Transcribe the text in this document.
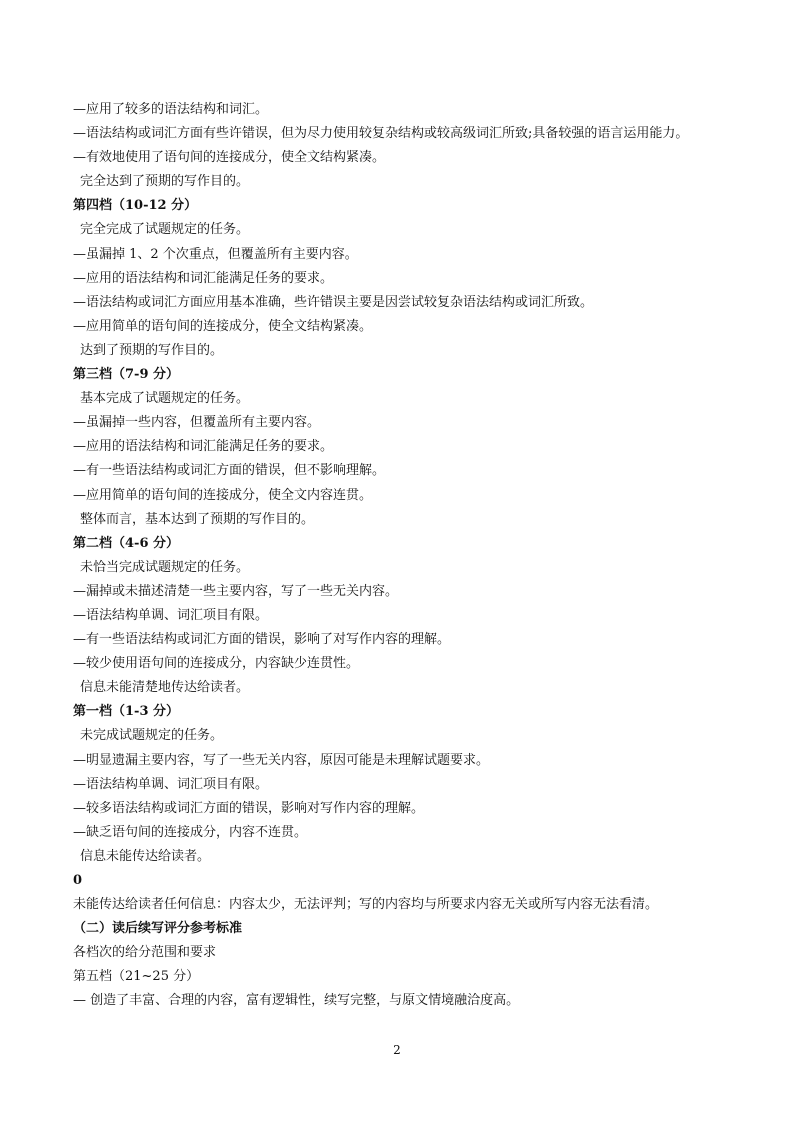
—应用了较多的语法结构和词汇。
—语法结构或词汇方面有些许错误，但为尽力使用较复杂结构或较高级词汇所致;具备较强的语言运用能力。
—有效地使用了语句间的连接成分，使全文结构紧凑。
完全达到了预期的写作目的。
第四档（10-12 分）
完全完成了试题规定的任务。
—虽漏掉 1、2 个次重点，但覆盖所有主要内容。
—应用的语法结构和词汇能满足任务的要求。
—语法结构或词汇方面应用基本准确，些许错误主要是因尝试较复杂语法结构或词汇所致。
—应用简单的语句间的连接成分，使全文结构紧凑。
达到了预期的写作目的。
第三档（7-9 分）
基本完成了试题规定的任务。
—虽漏掉一些内容，但覆盖所有主要内容。
—应用的语法结构和词汇能满足任务的要求。
—有一些语法结构或词汇方面的错误，但不影响理解。
—应用简单的语句间的连接成分，使全文内容连贯。
整体而言，基本达到了预期的写作目的。
第二档（4-6 分）
未恰当完成试题规定的任务。
—漏掉或未描述清楚一些主要内容，写了一些无关内容。
—语法结构单调、词汇项目有限。
—有一些语法结构或词汇方面的错误，影响了对写作内容的理解。
—较少使用语句间的连接成分，内容缺少连贯性。
信息未能清楚地传达给读者。
第一档（1-3 分）
未完成试题规定的任务。
—明显遗漏主要内容，写了一些无关内容，原因可能是未理解试题要求。
—语法结构单调、词汇项目有限。
—较多语法结构或词汇方面的错误，影响对写作内容的理解。
—缺乏语句间的连接成分，内容不连贯。
信息未能传达给读者。
0
未能传达给读者任何信息：内容太少，无法评判；写的内容均与所要求内容无关或所写内容无法看清。
（二）读后续写评分参考标准
各档次的给分范围和要求
第五档（21~25 分）
— 创造了丰富、合理的内容，富有逻辑性，续写完整，与原文情境融洽度高。
2
